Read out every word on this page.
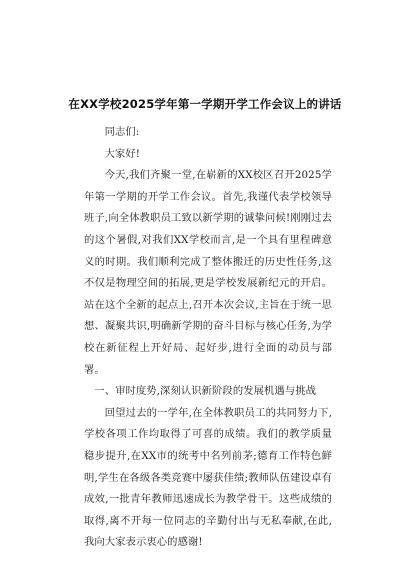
在XX学校2025学年第一学期开学工作会议上的讲话

同志们:

大家好!

今天,我们齐聚一堂,在崭新的XX校区召开2025学年第一学期的开学工作会议。首先,我谨代表学校领导班子,向全体教职员工致以新学期的诚挚问候!刚刚过去的这个暑假,对我们XX学校而言,是一个具有里程碑意义的时期。我们顺利完成了整体搬迁的历史性任务,这不仅是物理空间的拓展,更是学校发展新纪元的开启。站在这个全新的起点上,召开本次会议,主旨在于统一思想、凝聚共识,明确新学期的奋斗目标与核心任务,为学校在新征程上开好局、起好步,进行全面的动员与部署。

一、审时度势,深刻认识新阶段的发展机遇与挑战

回望过去的一学年,在全体教职员工的共同努力下,学校各项工作均取得了可喜的成绩。我们的教学质量稳步提升,在XX市的统考中名列前茅;德育工作特色鲜明,学生在各级各类竞赛中屡获佳绩;教师队伍建设卓有成效,一批青年教师迅速成长为教学骨干。这些成绩的取得,离不开每一位同志的辛勤付出与无私奉献,在此,我向大家表示衷心的感谢!
